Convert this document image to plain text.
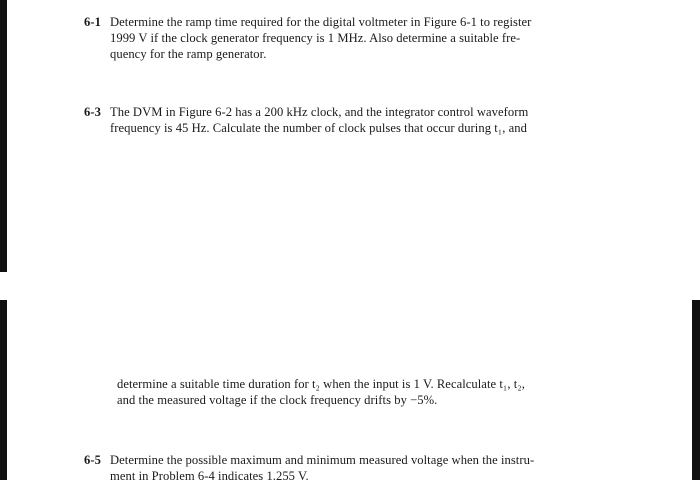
6-1 Determine the ramp time required for the digital voltmeter in Figure 6-1 to register
1999 V if the clock generator frequency is 1 MHz. Also determine a suitable fre-
quency for the ramp generator.
6-3 The DVM in Figure 6-2 has a 200 kHz clock, and the integrator control waveform
frequency is 45 Hz. Calculate the number of clock pulses that occur during t₁, and
determine a suitable time duration for t₂ when the input is 1 V. Recalculate t₁, t₂,
and the measured voltage if the clock frequency drifts by −5%.
6-5 Determine the possible maximum and minimum measured voltage when the instru-
ment in Problem 6-4 indicates 1.255 V.
